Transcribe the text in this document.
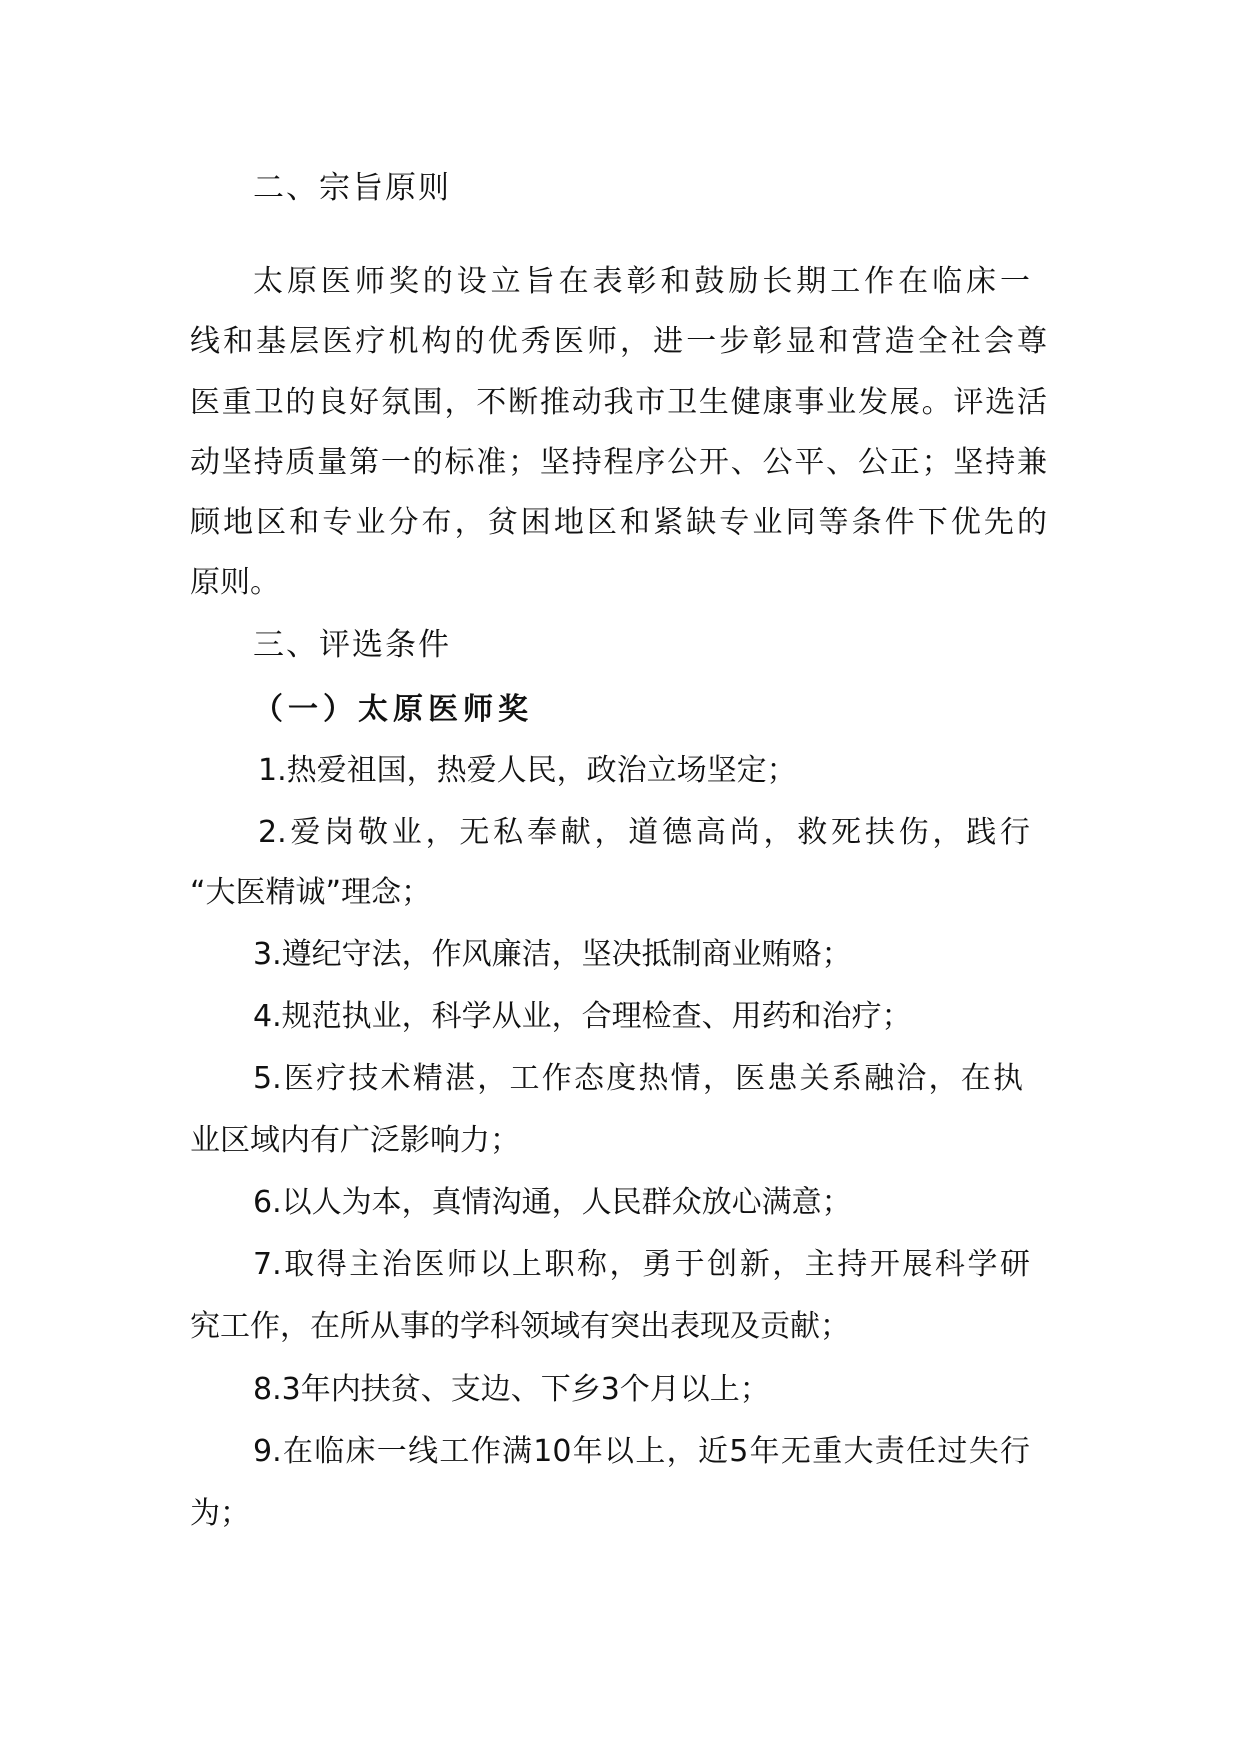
二、宗旨原则
太原医师奖的设立旨在表彰和鼓励长期工作在临床一
线和基层医疗机构的优秀医师，进一步彰显和营造全社会尊
医重卫的良好氛围，不断推动我市卫生健康事业发展。评选活
动坚持质量第一的标准；坚持程序公开、公平、公正；坚持兼
顾地区和专业分布，贫困地区和紧缺专业同等条件下优先的
原则。
三、评选条件
（一）太原医师奖
1.热爱祖国，热爱人民，政治立场坚定；
2.爱岗敬业，无私奉献，道德高尚，救死扶伤，践行
“大医精诚”理念；
3.遵纪守法，作风廉洁，坚决抵制商业贿赂；
4.规范执业，科学从业，合理检查、用药和治疗；
5.医疗技术精湛，工作态度热情，医患关系融洽，在执
业区域内有广泛影响力；
6.以人为本，真情沟通，人民群众放心满意；
7.取得主治医师以上职称，勇于创新，主持开展科学研
究工作，在所从事的学科领域有突出表现及贡献；
8.3年内扶贫、支边、下乡3个月以上；
9.在临床一线工作满10年以上，近5年无重大责任过失行
为；
